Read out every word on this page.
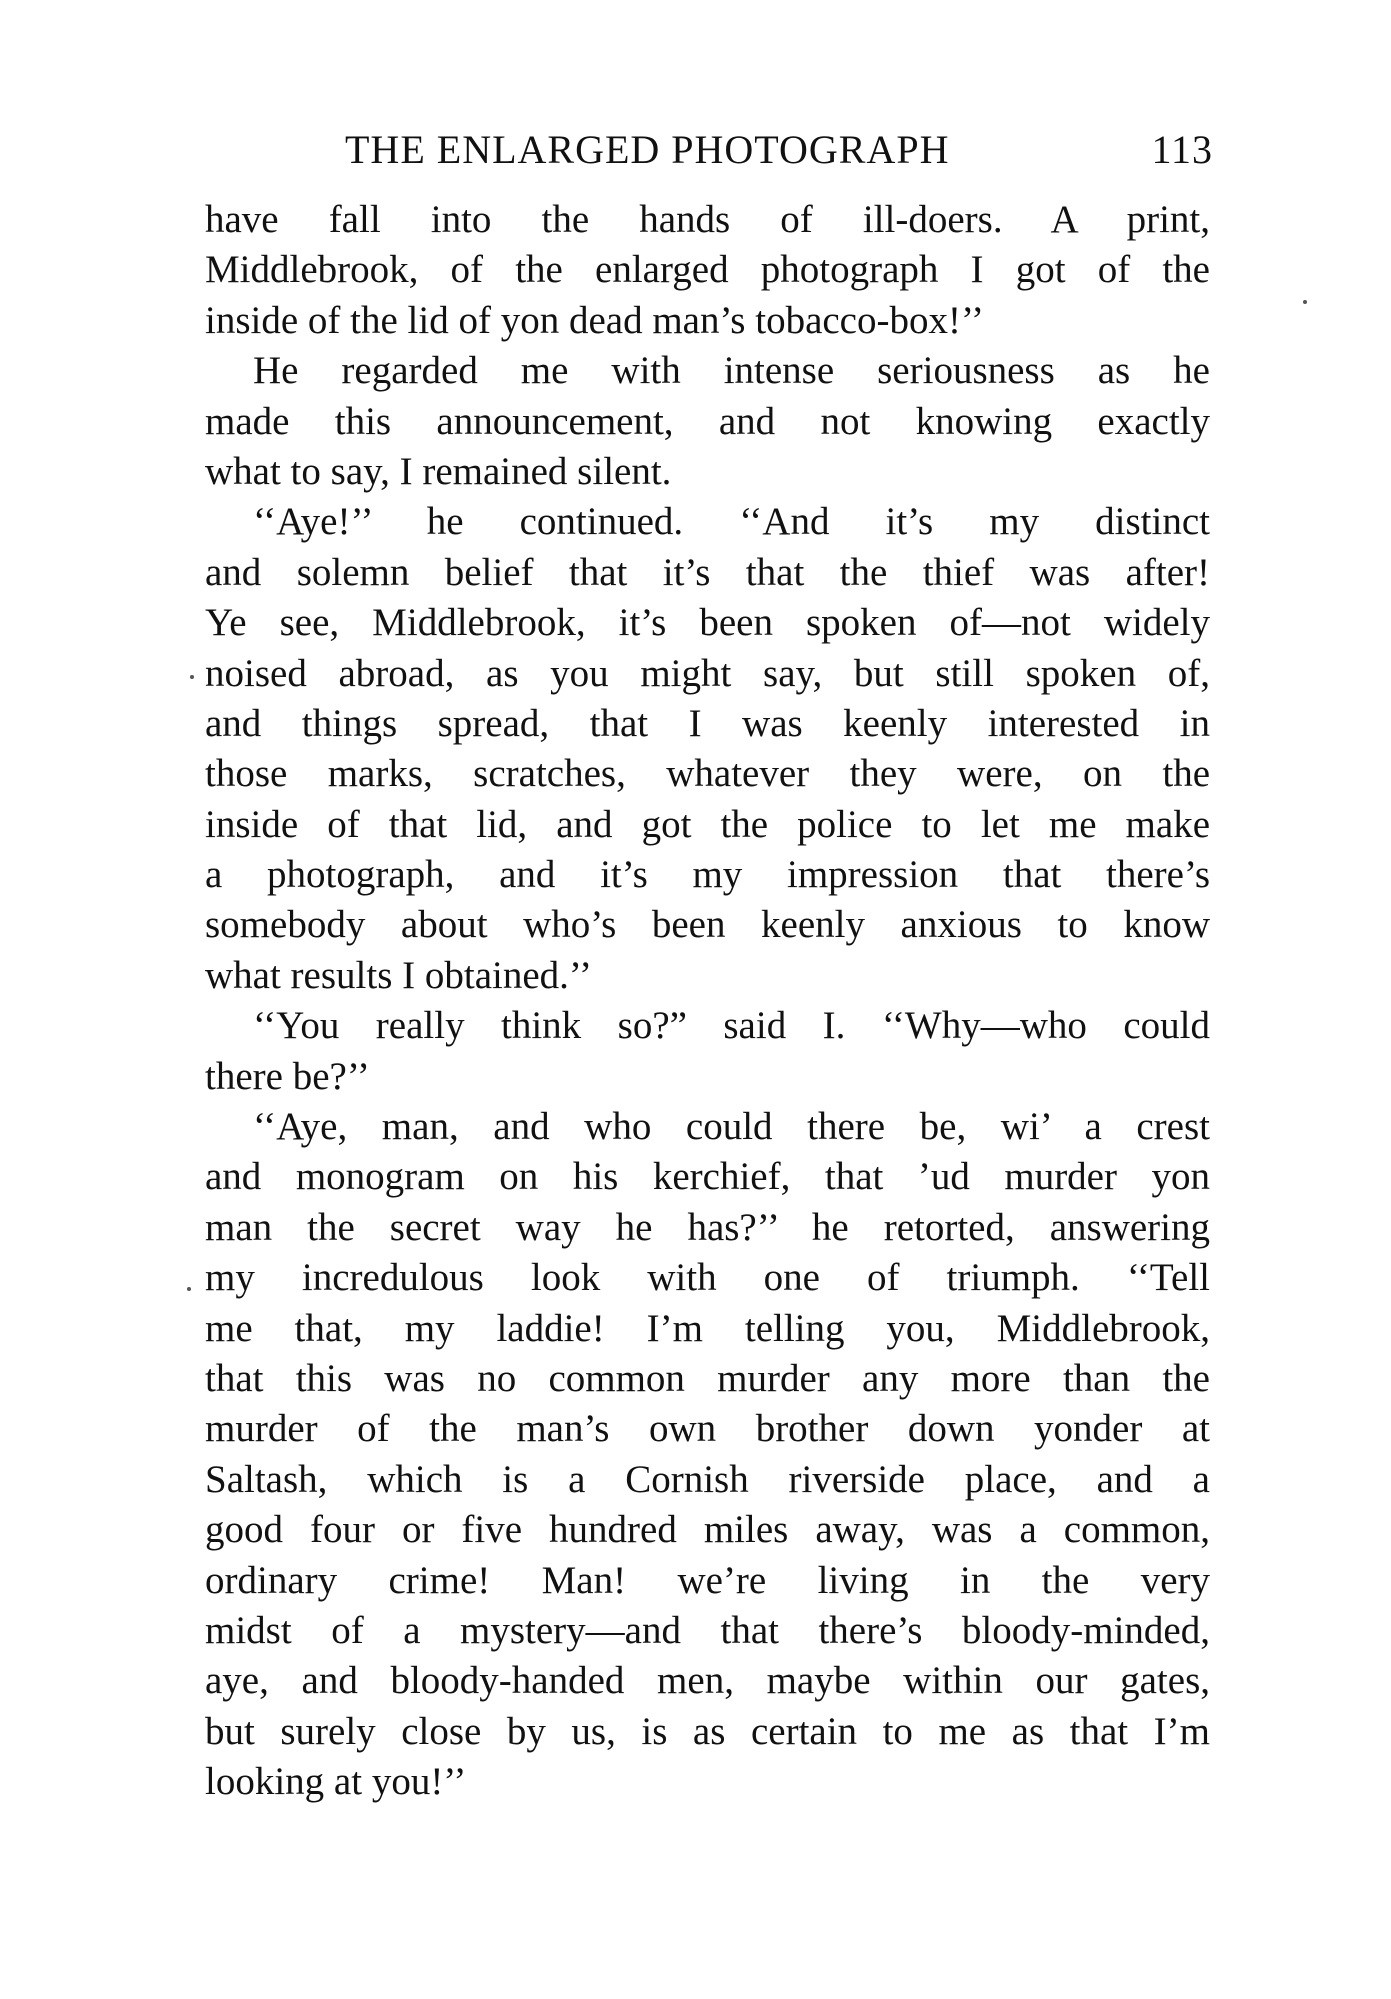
THE ENLARGED PHOTOGRAPH	113
have fall into the hands of ill-doers. A print,
Middlebrook, of the enlarged photograph I got of the
inside of the lid of yon dead man’s tobacco-box!’’
He regarded me with intense seriousness as he
made this announcement, and not knowing exactly
what to say, I remained silent.
‘‘Aye!’’ he continued. ‘‘And it’s my distinct
and solemn belief that it’s that the thief was after!
Ye see, Middlebrook, it’s been spoken of—not widely
noised abroad, as you might say, but still spoken of,
and things spread, that I was keenly interested in
those marks, scratches, whatever they were, on the
inside of that lid, and got the police to let me make
a photograph, and it’s my impression that there’s
somebody about who’s been keenly anxious to know
what results I obtained.’’
‘‘You really think so?” said I. ‘‘Why—who could
there be?’’
‘‘Aye, man, and who could there be, wi’ a crest
and monogram on his kerchief, that ’ud murder yon
man the secret way he has?’’ he retorted, answering
my incredulous look with one of triumph. ‘‘Tell
me that, my laddie! I’m telling you, Middlebrook,
that this was no common murder any more than the
murder of the man’s own brother down yonder at
Saltash, which is a Cornish riverside place, and a
good four or five hundred miles away, was a common,
ordinary crime! Man! we’re living in the very
midst of a mystery—and that there’s bloody-minded,
aye, and bloody-handed men, maybe within our gates,
but surely close by us, is as certain to me as that I’m
looking at you!’’
